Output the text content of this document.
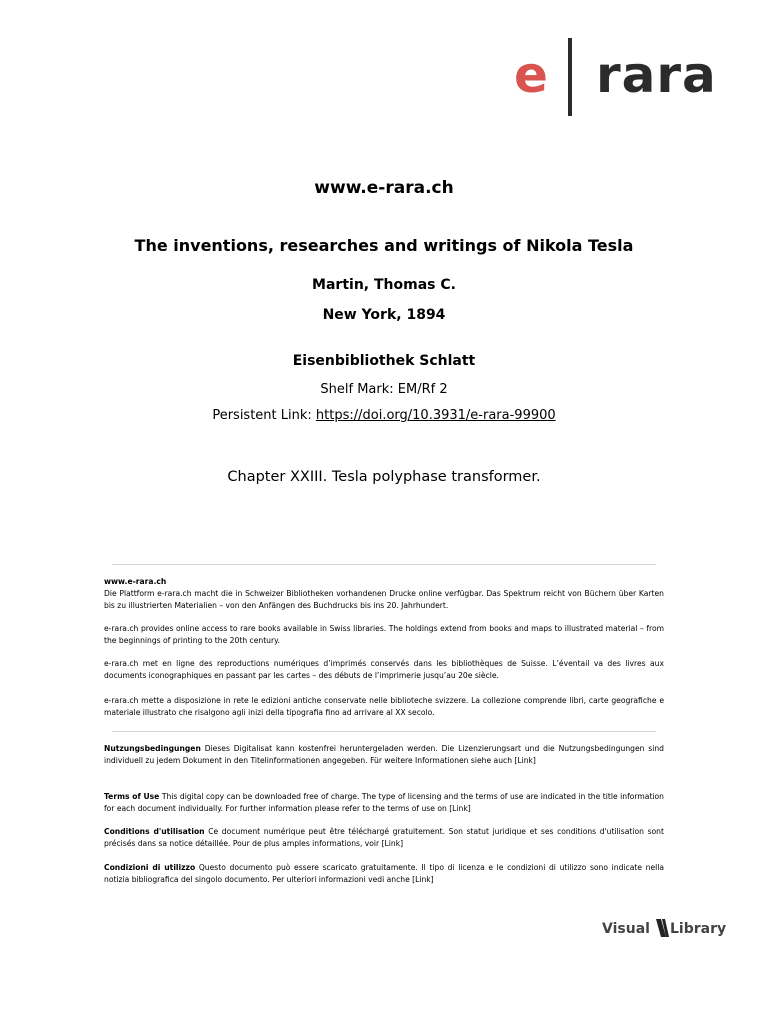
e rara
www.e-rara.ch
The inventions, researches and writings of Nikola Tesla
Martin, Thomas C.
New York, 1894
Eisenbibliothek Schlatt
Shelf Mark: EM/Rf 2
Persistent Link: https://doi.org/10.3931/e-rara-99900
Chapter XXIII. Tesla polyphase transformer.
www.e-rara.ch
Die Plattform e-rara.ch macht die in Schweizer Bibliotheken vorhandenen Drucke online verfügbar. Das Spektrum reicht von Büchern über Karten bis zu illustrierten Materialien – von den Anfängen des Buchdrucks bis ins 20. Jahrhundert.
e-rara.ch provides online access to rare books available in Swiss libraries. The holdings extend from books and maps to illustrated material – from the beginnings of printing to the 20th century.
e-rara.ch met en ligne des reproductions numériques d’imprimés conservés dans les bibliothèques de Suisse. L’éventail va des livres aux documents iconographiques en passant par les cartes – des débuts de l’imprimerie jusqu’au 20e siècle.
e-rara.ch mette a disposizione in rete le edizioni antiche conservate nelle biblioteche svizzere. La collezione comprende libri, carte geografiche e materiale illustrato che risalgono agli inizi della tipografia fino ad arrivare al XX secolo.
Nutzungsbedingungen Dieses Digitalisat kann kostenfrei heruntergeladen werden. Die Lizenzierungsart und die Nutzungsbedingungen sind individuell zu jedem Dokument in den Titelinformationen angegeben. Für weitere Informationen siehe auch [Link]
Terms of Use This digital copy can be downloaded free of charge. The type of licensing and the terms of use are indicated in the title information for each document individually. For further information please refer to the terms of use on [Link]
Conditions d'utilisation Ce document numérique peut être téléchargé gratuitement. Son statut juridique et ses conditions d'utilisation sont précisés dans sa notice détaillée. Pour de plus amples informations, voir [Link]
Condizioni di utilizzo Questo documento può essere scaricato gratuitamente. Il tipo di licenza e le condizioni di utilizzo sono indicate nella notizia bibliografica del singolo documento. Per ulteriori informazioni vedi anche [Link]
Visual Library
